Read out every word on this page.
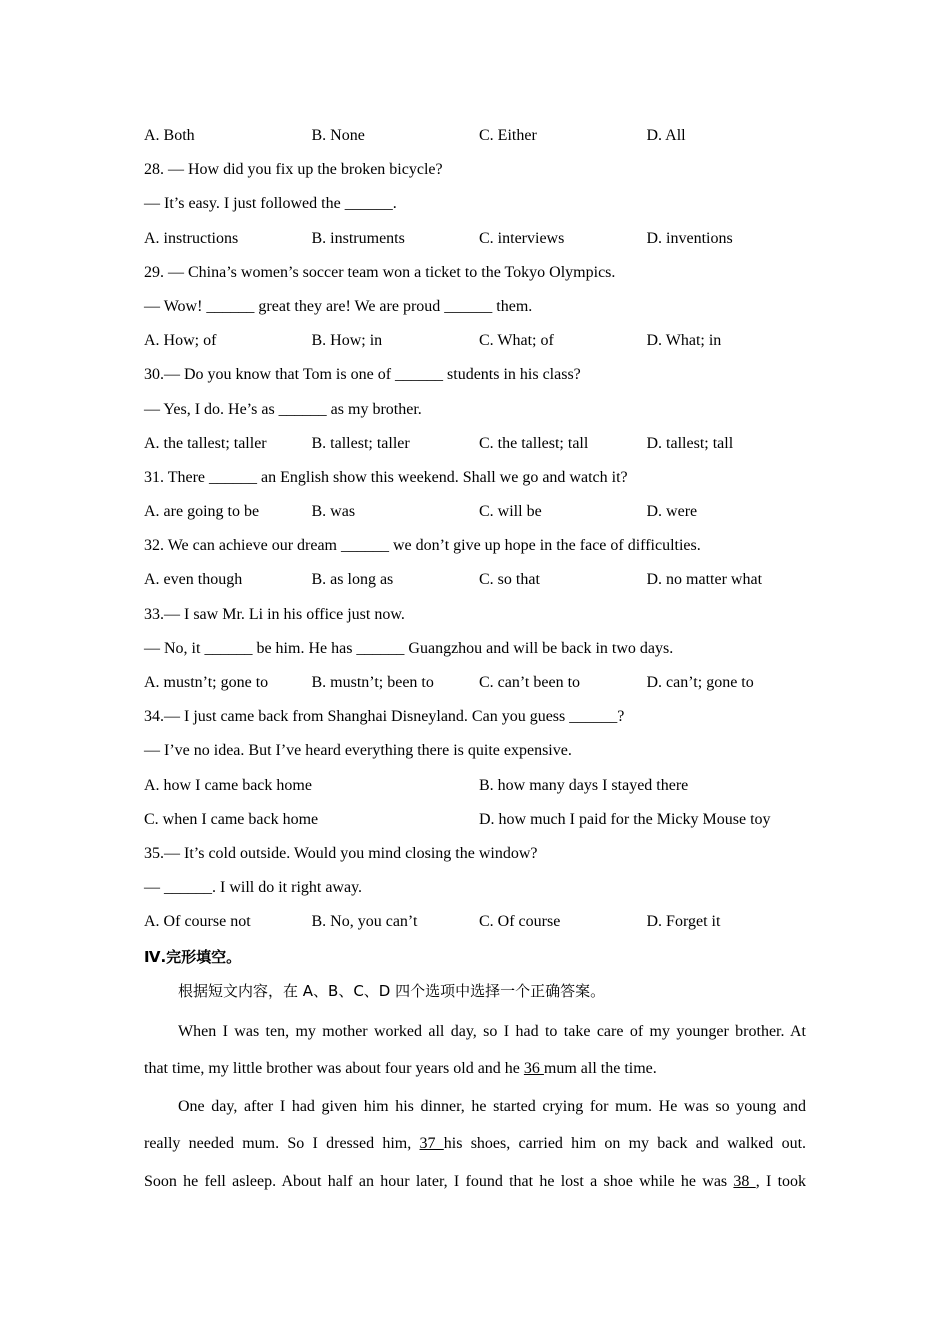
A. Both	B. None	C. Either	D. All
28. — How did you fix up the broken bicycle?
— It’s easy. I just followed the ______.
A. instructions	B. instruments	C. interviews	D. inventions
29. — China’s women’s soccer team won a ticket to the Tokyo Olympics.
— Wow! ______ great they are! We are proud ______ them.
A. How; of	B. How; in	C. What; of	D. What; in
30.— Do you know that Tom is one of ______ students in his class?
— Yes, I do. He’s as ______ as my brother.
A. the tallest; taller	B. tallest; taller	C. the tallest; tall	D. tallest; tall
31. There ______ an English show this weekend. Shall we go and watch it?
A. are going to be	B. was	C. will be	D. were
32. We can achieve our dream ______ we don’t give up hope in the face of difficulties.
A. even though	B. as long as	C. so that	D. no matter what
33.— I saw Mr. Li in his office just now.
— No, it ______ be him. He has ______ Guangzhou and will be back in two days.
A. mustn’t; gone to	B. mustn’t; been to	C. can’t been to	D. can’t; gone to
34.— I just came back from Shanghai Disneyland. Can you guess ______?
— I’ve no idea. But I’ve heard everything there is quite expensive.
A. how I came back home	B. how many days I stayed there
C. when I came back home	D. how much I paid for the Micky Mouse toy
35.— It’s cold outside. Would you mind closing the window?
— ______. I will do it right away.
A. Of course not	B. No, you can’t	C. Of course	D. Forget it
Ⅳ.完形填空。
根据短文内容，在 A、B、C、D 四个选项中选择一个正确答案。
When I was ten, my mother worked all day, so I had to take care of my younger brother. At
that time, my little brother was about four years old and he 36 mum all the time.
One day, after I had given him his dinner, he started crying for mum. He was so young and
really needed mum. So I dressed him, 37 his shoes, carried him on my back and walked out.
Soon he fell asleep. About half an hour later, I found that he lost a shoe while he was 38 , I took
